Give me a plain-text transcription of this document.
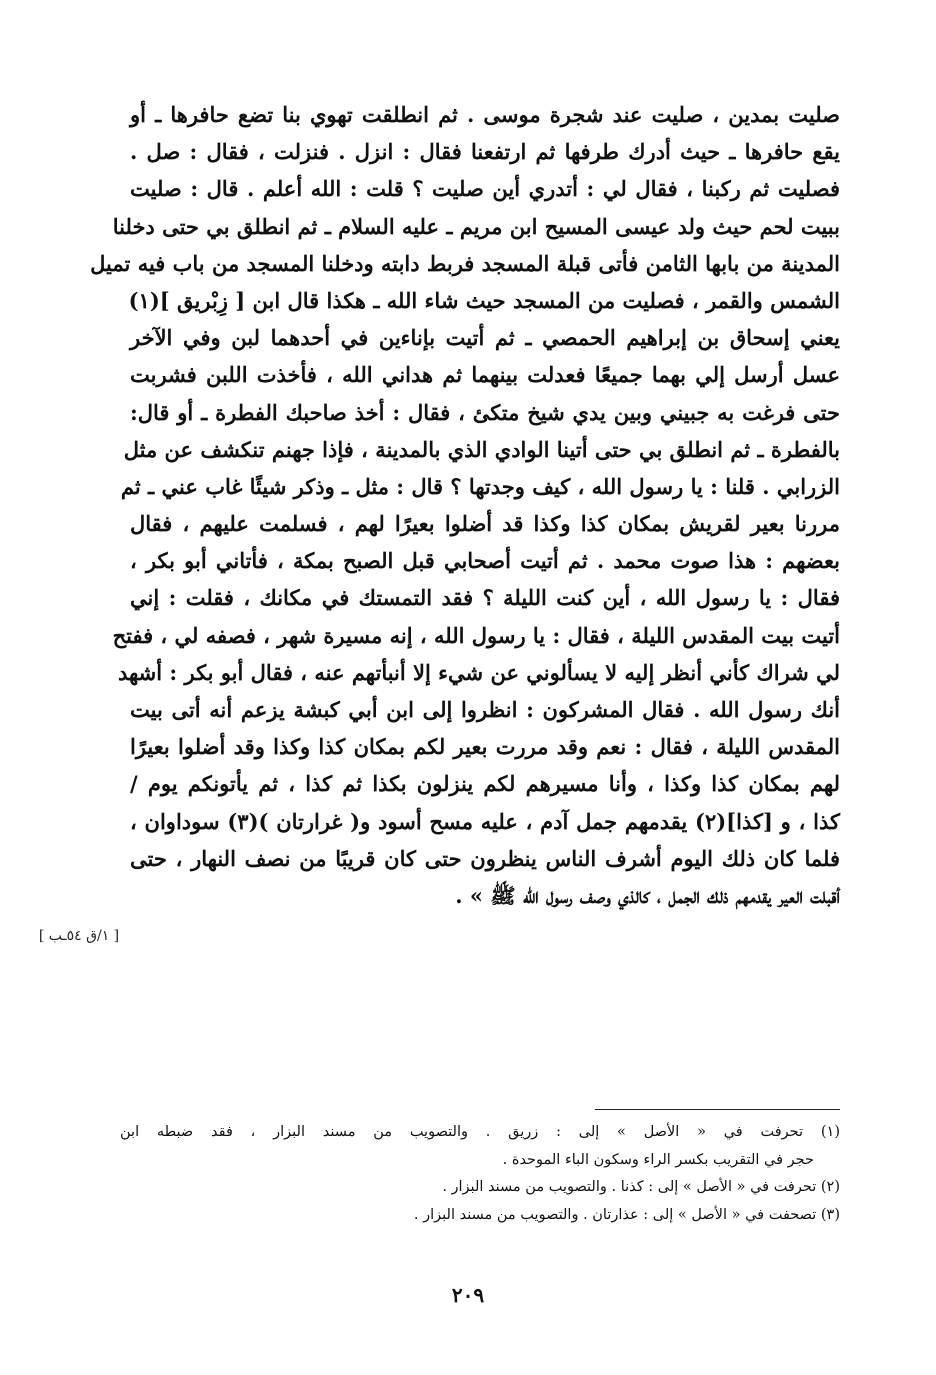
صليت بمدين ، صليت عند شجرة موسى . ثم انطلقت تهوي بنا تضع حافرها ـ أو
يقع حافرها ـ حيث أدرك طرفها ثم ارتفعنا فقال : انزل . فنزلت ، فقال : صل .
فصليت ثم ركبنا ، فقال لي : أتدري أين صليت ؟ قلت : الله أعلم . قال : صليت
ببيت لحم حيث ولد عيسى المسيح ابن مريم ـ عليه السلام ـ ثم انطلق بي حتى دخلنا
المدينة من بابها الثامن فأتى قبلة المسجد فربط دابته ودخلنا المسجد من باب فيه تميل
الشمس والقمر ، فصليت من المسجد حيث شاء الله ـ هكذا قال ابن [ زِبْريق ](١)
يعني إسحاق بن إبراهيم الحمصي ـ ثم أتيت بإناءين في أحدهما لبن وفي الآخر
عسل أرسل إلي بهما جميعًا فعدلت بينهما ثم هداني الله ، فأخذت اللبن فشربت
حتى فرغت به جبيني وبين يدي شيخ متكئ ، فقال : أخذ صاحبك الفطرة ـ أو قال:
بالفطرة ـ ثم انطلق بي حتى أتينا الوادي الذي بالمدينة ، فإذا جهنم تنكشف عن مثل
الزرابي . قلنا : يا رسول الله ، كيف وجدتها ؟ قال : مثل ـ وذكر شيئًا غاب عني ـ ثم
مررنا بعير لقريش بمكان كذا وكذا قد أضلوا بعيرًا لهم ، فسلمت عليهم ، فقال
بعضهم : هذا صوت محمد . ثم أتيت أصحابي قبل الصبح بمكة ، فأتاني أبو بكر ،
فقال : يا رسول الله ، أين كنت الليلة ؟ فقد التمستك في مكانك ، فقلت : إني
أتيت بيت المقدس الليلة ، فقال : يا رسول الله ، إنه مسيرة شهر ، فصفه لي ، ففتح
لي شراك كأني أنظر إليه لا يسألوني عن شيء إلا أنبأتهم عنه ، فقال أبو بكر : أشهد
أنك رسول الله . فقال المشركون : انظروا إلى ابن أبي كبشة يزعم أنه أتى بيت
المقدس الليلة ، فقال : نعم وقد مررت بعير لكم بمكان كذا وكذا وقد أضلوا بعيرًا
لهم بمكان كذا وكذا ، وأنا مسيرهم لكم ينزلون بكذا ثم كذا ، ثم يأتونكم يوم /
كذا ، و [كذا](٢) يقدمهم جمل آدم ، عليه مسح أسود و( غرارتان )(٣) سوداوان ،
فلما كان ذلك اليوم أشرف الناس ينظرون حتى كان قريبًا من نصف النهار ، حتى
أقبلت العير يقدمهم ذلك الجمل ، كالذي وصف رسول الله ﷺ » .
[ ١/ق ٥٤ـب ]
(١) تحرفت في « الأصل » إلى : زريق . والتصويب من مسند البزار ، فقد ضبطه ابن
حجر في التقريب بكسر الراء وسكون الباء الموحدة .
(٢) تحرفت في « الأصل » إلى : كذنا . والتصويب من مسند البزار .
(٣) تصحفت في « الأصل » إلى : عذارتان . والتصويب من مسند البزار .
٢٠٩
